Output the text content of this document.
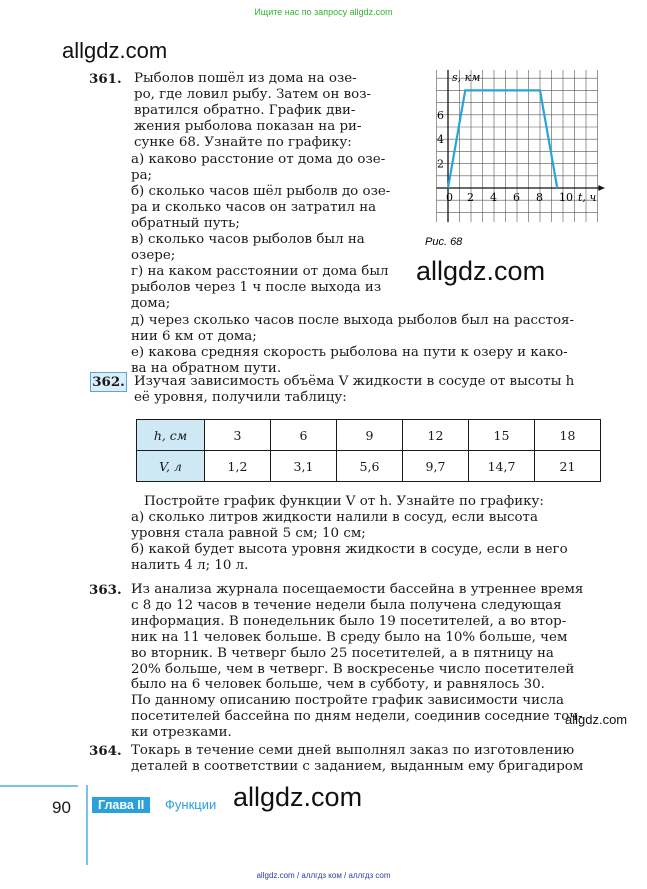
Ищите нас по запросу allgdz.com
allgdz.com
allgdz.com
allgdz.com
allgdz.com
361. Рыболов пошёл из дома на озе-
ро, где ловил рыбу. Затем он воз-
вратился обратно. График дви-
жения рыболова показан на ри-
сунке 68. Узнайте по графику:
а) каково расстоние от дома до озе-
ра;
б) сколько часов шёл рыболв до озе-
ра и сколько часов он затратил на
обратный путь;
в) сколько часов рыболов был на
озере;
г) на каком расстоянии от дома был
рыболов через 1 ч после выхода из
дома;
д) через сколько часов после выхода рыболов был на расстоя-
нии 6 км от дома;
е) какова средняя скорость рыболова на пути к озеру и како-
ва на обратном пути.
2 4 6 8 10
2
4
6
s, км
t, ч
0
Рис. 68
362. Изучая зависимость объёма V жидкости в сосуде от высоты h
её уровня, получили таблицу:
h, см	3	6	9	12	15	18
V, л	1,2	3,1	5,6	9,7	14,7	21
Постройте график функции V от h. Узнайте по графику:
а) сколько литров жидкости налили в сосуд, если высота
уровня стала равной 5 см; 10 см;
б) какой будет высота уровня жидкости в сосуде, если в него
налить 4 л; 10 л.
363. Из анализа журнала посещаемости бассейна в утреннее время
с 8 до 12 часов в течение недели была получена следующая
информация. В понедельник было 19 посетителей, а во втор-
ник на 11 человек больше. В среду было на 10% больше, чем
во вторник. В четверг было 25 посетителей, а в пятницу на
20% больше, чем в четверг. В воскресенье число посетителей
было на 6 человек больше, чем в субботу, и равнялось 30.
По данному описанию постройте график зависимости числа
посетителей бассейна по дням недели, соединив соседние точ-
ки отрезками.
364. Токарь в течение семи дней выполнял заказ по изготовлению
деталей в соответствии с заданием, выданным ему бригадиром
90	Глава II	Функции
allgdz.com / аллгдз ком / аллгдз com
